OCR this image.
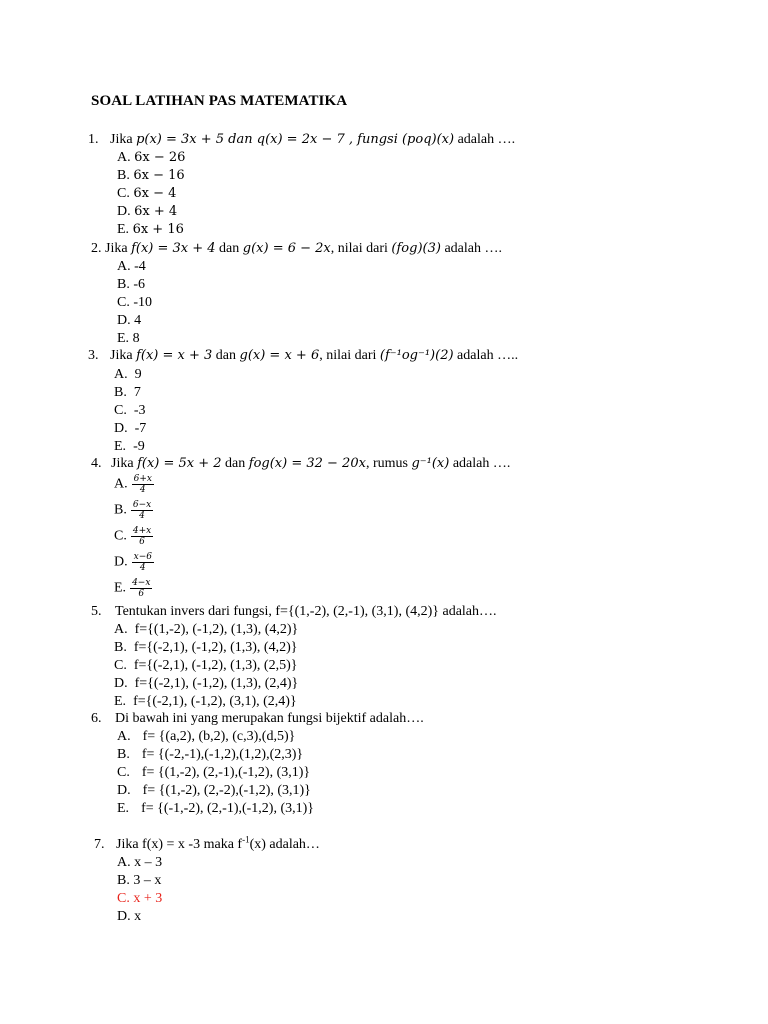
SOAL LATIHAN PAS MATEMATIKA
1. Jika p(x) = 3x + 5 dan q(x) = 2x − 7 , fungsi (poq)(x) adalah ….
A. 6x − 26
B. 6x − 16
C. 6x − 4
D. 6x + 4
E. 6x + 16
2. Jika f(x) = 3x + 4 dan g(x) = 6 − 2x, nilai dari (fog)(3) adalah ….
A. -4
B. -6
C. -10
D. 4
E. 8
3. Jika f(x) = x + 3 dan g(x) = x + 6, nilai dari (f⁻¹og⁻¹)(2) adalah …..
A. 9
B. 7
C. -3
D. -7
E. -9
4. Jika f(x) = 5x + 2 dan fog(x) = 32 − 20x, rumus g⁻¹(x) adalah ….
A. $\frac{6+x}{4}$
B. $\frac{6-x}{4}$
C. $\frac{4+x}{6}$
D. $\frac{x-6}{4}$
E. $\frac{4-x}{6}$
5. Tentukan invers dari fungsi, f={(1,-2), (2,-1), (3,1), (4,2)} adalah….
A. f={(1,-2), (-1,2), (1,3), (4,2)}
B. f={(-2,1), (-1,2), (1,3), (4,2)}
C. f={(-2,1), (-1,2), (1,3), (2,5)}
D. f={(-2,1), (-1,2), (1,3), (2,4)}
E. f={(-2,1), (-1,2), (3,1), (2,4)}
6. Di bawah ini yang merupakan fungsi bijektif adalah….
A. f= {(a,2), (b,2), (c,3),(d,5)}
B. f= {(-2,-1),(-1,2),(1,2),(2,3)}
C. f= {(1,-2), (2,-1),(-1,2), (3,1)}
D. f= {(1,-2), (2,-2),(-1,2), (3,1)}
E. f= {(-1,-2), (2,-1),(-1,2), (3,1)}
7. Jika f(x) = x -3 maka $f^{-1}(x)$ adalah…
A. x – 3
B. 3 – x
C. x + 3
D. x
